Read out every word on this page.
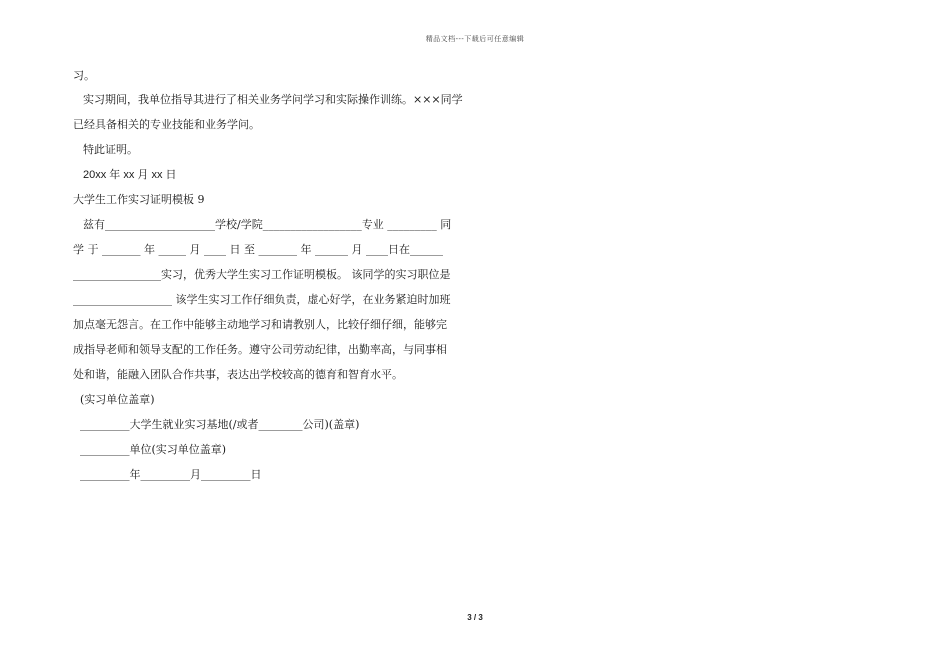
精品文档---下载后可任意编辑
习。
实习期间，我单位指导其进行了相关业务学问学习和实际操作训练。×××同学
已经具备相关的专业技能和业务学问。
特此证明。
20xx 年 xx 月 xx 日
大学生工作实习证明模板 9
兹有____________________学校/学院__________________专业 _________ 同
学 于 _______ 年 _____ 月 ____ 日 至 _______ 年 ______ 月 ____日在______
________________实习，优秀大学生实习工作证明模板。 该同学的实习职位是
__________________ 该学生实习工作仔细负责，虚心好学，在业务紧迫时加班
加点毫无怨言。在工作中能够主动地学习和请教别人，比较仔细仔细，能够完
成指导老师和领导支配的工作任务。遵守公司劳动纪律，出勤率高，与同事相
处和谐，能融入团队合作共事，表达出学校较高的德育和智育水平。
(实习单位盖章)
_________大学生就业实习基地(/或者________公司)(盖章)
_________单位(实习单位盖章)
_________年_________月_________日
3 / 3
